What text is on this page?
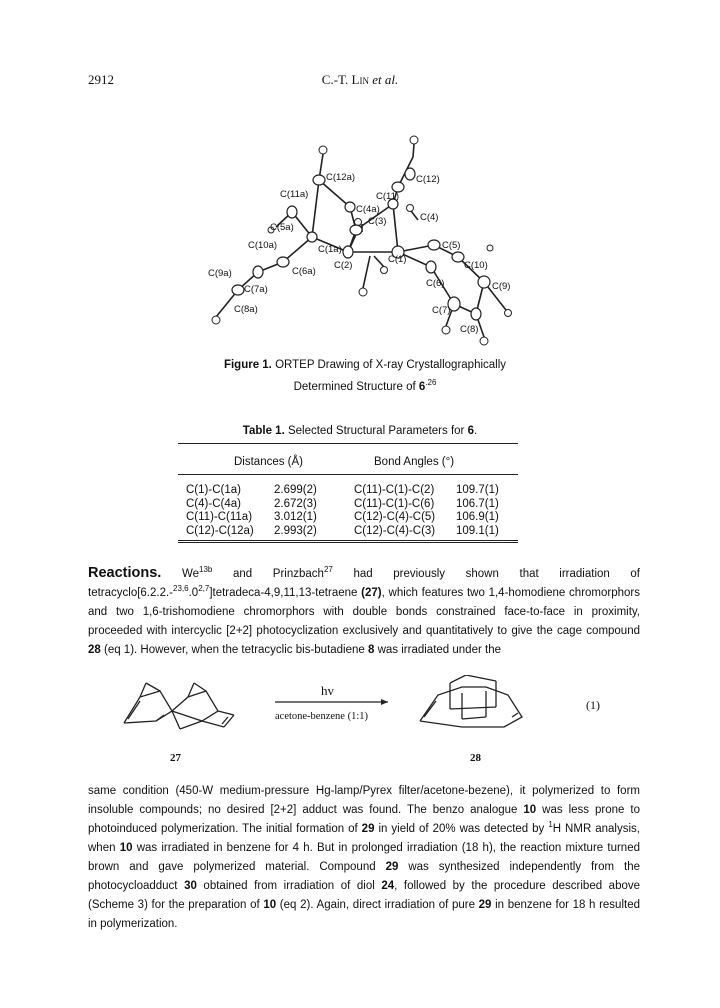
2912	C.-T. Lin et al.
C(12a)	C(12)
C(11a)	C(11)
C(4a)
C(3)	C(4)
C(5a)
C(10a)	C(1a)	C(5)
C(2)
C(1)
C(10)
C(6a)
C(6)
C(9a)
C(9)
C(7a)
C(8a)	C(7)
C(8)
Figure 1. ORTEP Drawing of X-ray Crystallographically
Determined Structure of $6^{.26}$
Table 1. Selected Structural Parameters for 6.
Distances (Å)	Bond Angles (°)
C(1)-C(1a)	2.699(2)	C(11)-C(1)-C(2) 109.7(1)
C(4)-C(4a)	2.672(3)	C(11)-C(1)-C(6) 106.7(1)
C(11)-C(11a) 3.012(1)	C(12)-C(4)-C(5) 106.9(1)
C(12)-C(12a) 2.993(2)	C(12)-C(4)-C(3) 109.1(1)

Reactions. $We^{13b}$ and Prinzbach$^{27}$ had previously shown that irradiation of tetracyclo[6.2.2.-$^{23,6}$.0$^{2,7}$]tetradeca-4,9,11,13-tetraene (27), which features two 1,4-homodiene chromorphors and two 1,6-trishomodiene chromorphors with double bonds constrained face-to-face in proximity, proceeded with intercyclic [2+2] photocyclization exclusively and quantitatively to give the cage compound 28 (eq 1). However, when the tetracyclic bis-butadiene 8 was irradiated under the

27
hv
acetone-benzene (1:1)
28
(1)

same condition (450-W medium-pressure Hg-lamp/Pyrex filter/acetone-bezene), it polymerized to form insoluble compounds; no desired [2+2] adduct was found. The benzo analogue 10 was less prone to photoinduced polymerization. The initial formation of 29 in yield of 20% was detected by $^1$H NMR analysis, when 10 was irradiated in benzene for 4 h. But in prolonged irradiation (18 h), the reaction mixture turned brown and gave polymerized material. Compound 29 was synthesized independently from the photocycloadduct 30 obtained from irradiation of diol 24, followed by the procedure described above (Scheme 3) for the preparation of 10 (eq 2). Again, direct irradiation of pure 29 in benzene for 18 h resulted in polymerization.
